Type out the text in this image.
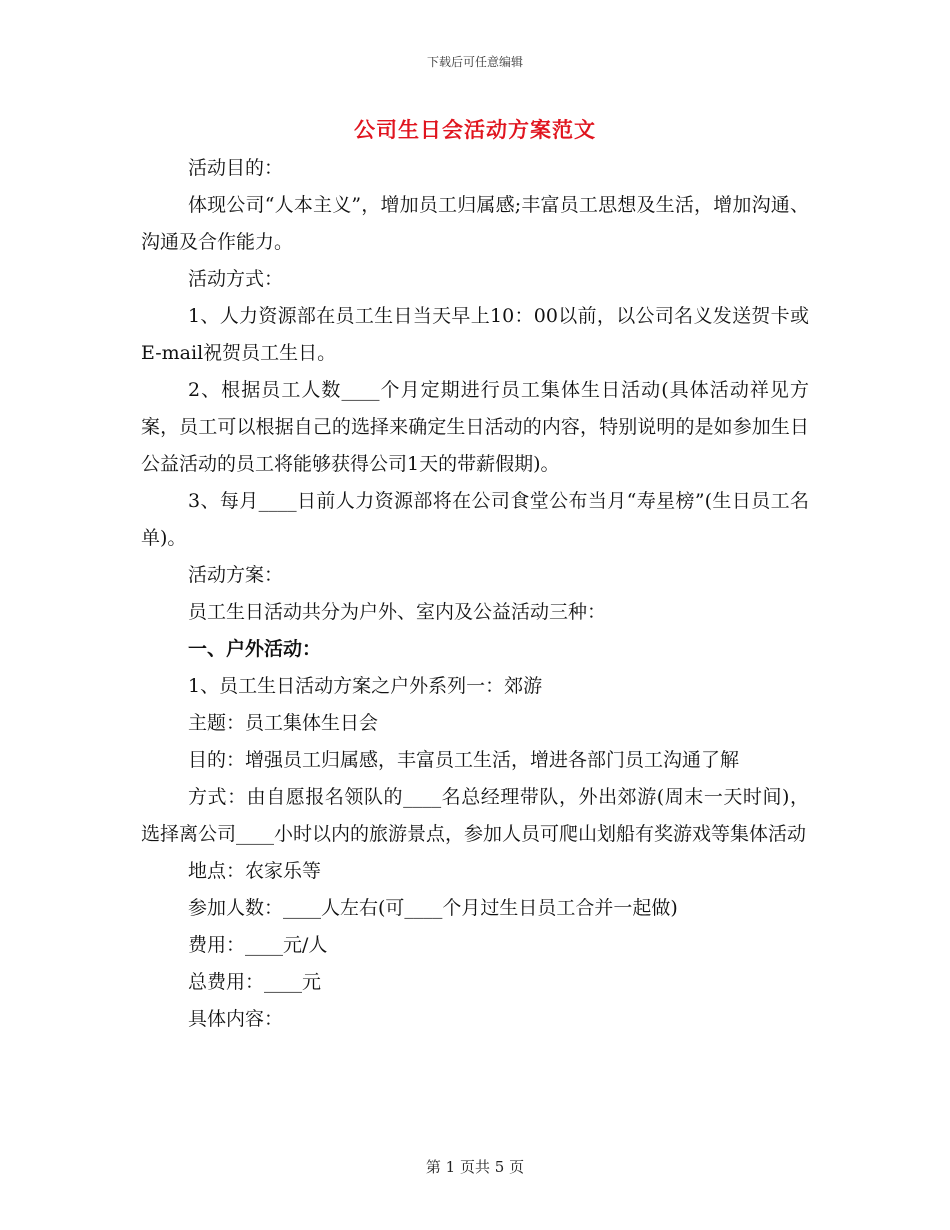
下载后可任意编辑
公司生日会活动方案范文

活动目的：

体现公司“人本主义”，增加员工归属感;丰富员工思想及生活，增加沟通、沟通及合作能力。

活动方式：

1、人力资源部在员工生日当天早上10：00以前，以公司名义发送贺卡或E-mail祝贺员工生日。

2、根据员工人数____个月定期进行员工集体生日活动(具体活动祥见方案，员工可以根据自己的选择来确定生日活动的内容，特别说明的是如参加生日公益活动的员工将能够获得公司1天的带薪假期)。

3、每月____日前人力资源部将在公司食堂公布当月“寿星榜”(生日员工名单)。

活动方案：

员工生日活动共分为户外、室内及公益活动三种：

一、户外活动：

1、员工生日活动方案之户外系列一：郊游

主题：员工集体生日会

目的：增强员工归属感，丰富员工生活，增进各部门员工沟通了解

方式：由自愿报名领队的____名总经理带队，外出郊游(周末一天时间)，选择离公司____小时以内的旅游景点，参加人员可爬山划船有奖游戏等集体活动

地点：农家乐等

参加人数：____人左右(可____个月过生日员工合并一起做)

费用：____元/人

总费用：____元

具体内容：

第 1 页共 5 页
